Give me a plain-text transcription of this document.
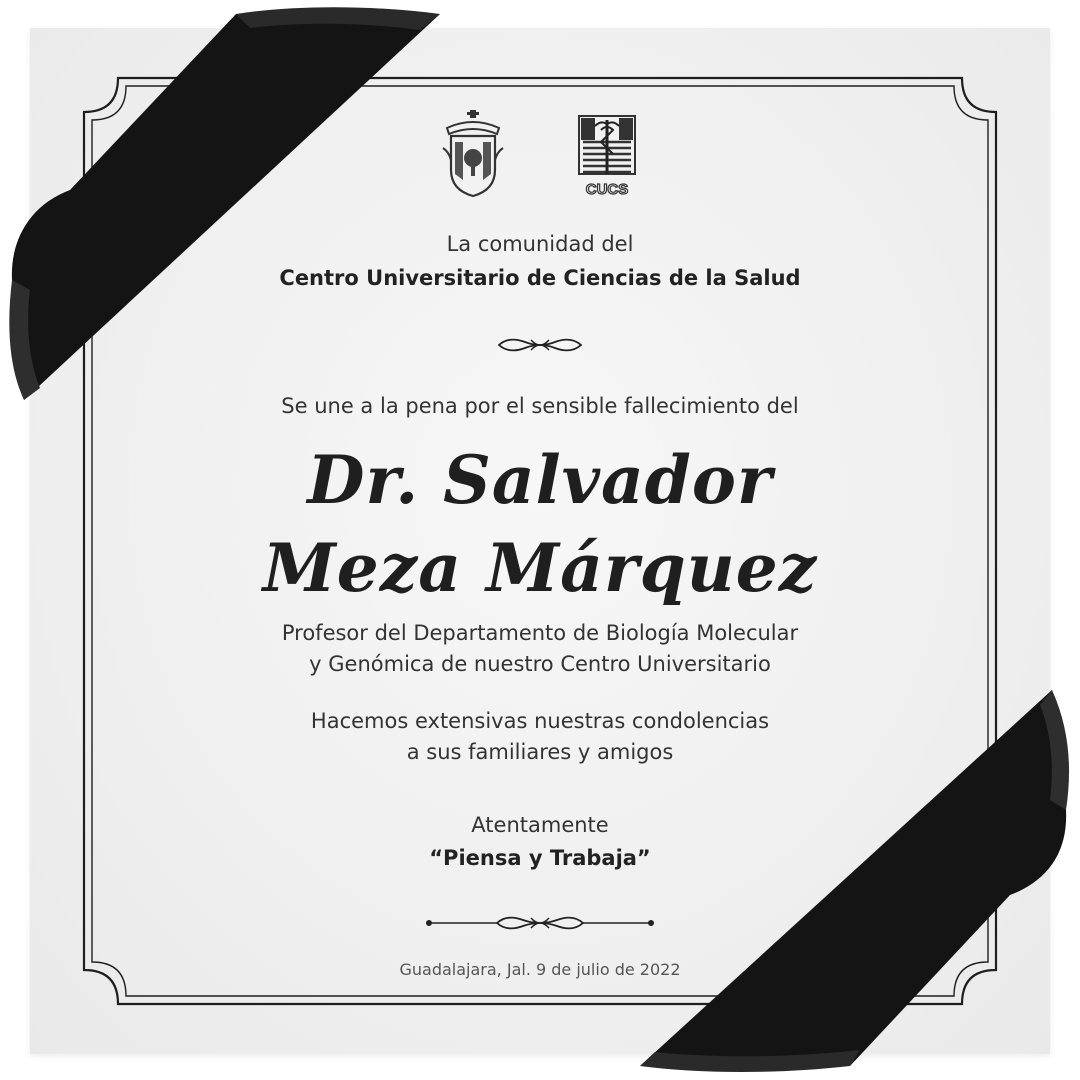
CUCS
La comunidad del
Centro Universitario de Ciencias de la Salud
Se une a la pena por el sensible fallecimiento del
Dr. Salvador
Meza Márquez
Profesor del Departamento de Biología Molecular
y Genómica de nuestro Centro Universitario
Hacemos extensivas nuestras condolencias
a sus familiares y amigos
Atentamente
“Piensa y Trabaja”
Guadalajara, Jal. 9 de julio de 2022
